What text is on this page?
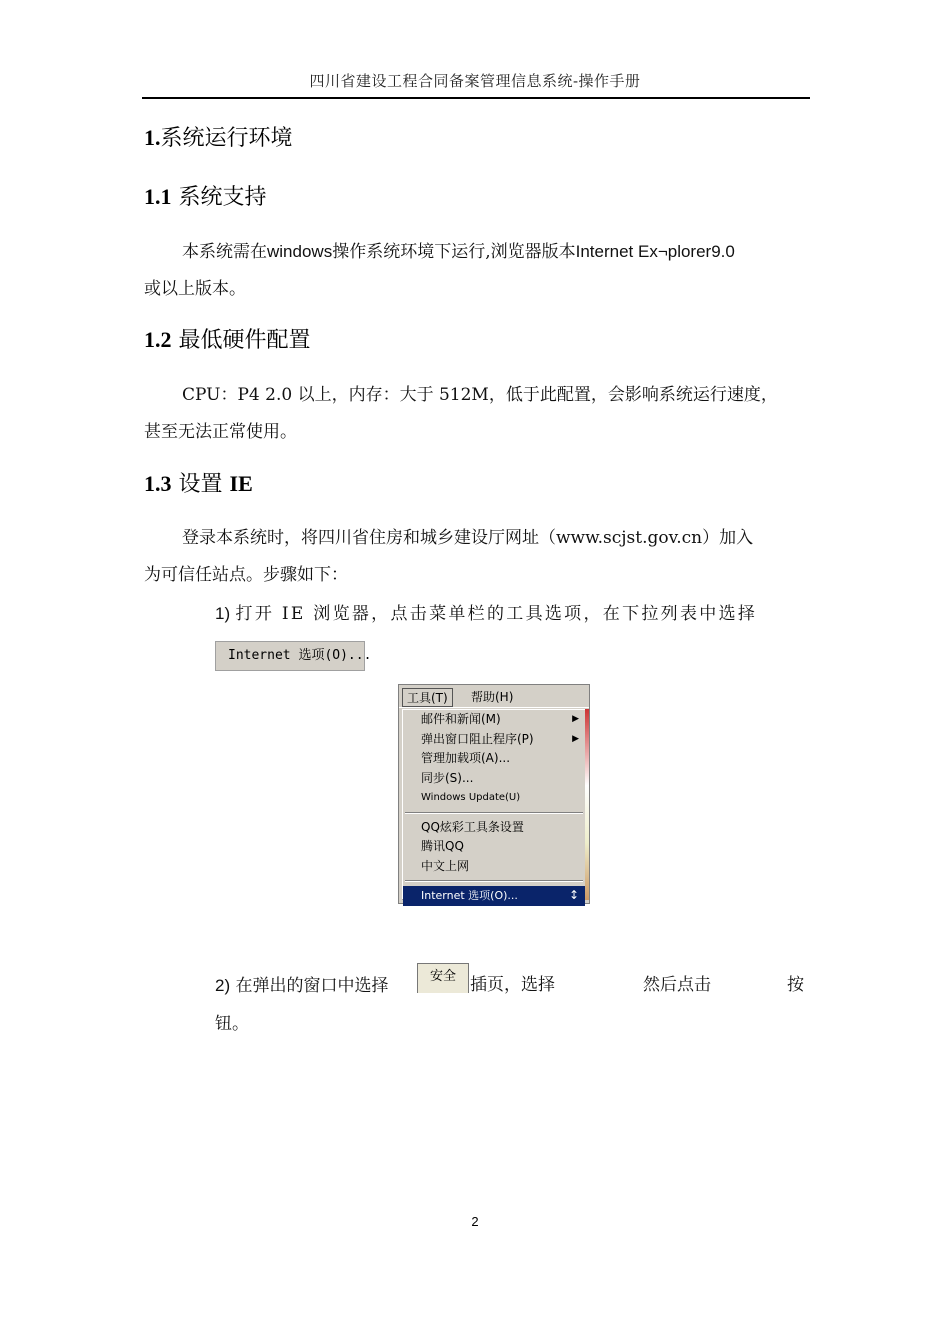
四川省建设工程合同备案管理信息系统-操作手册
1.系统运行环境
1.1 系统支持
本系统需在windows操作系统环境下运行,浏览器版本Internet Ex¬plorer9.0
或以上版本。
1.2 最低硬件配置
CPU：P4 2.0 以上，内存：大于 512M，低于此配置，会影响系统运行速度，
甚至无法正常使用。
1.3 设置 IE
登录本系统时，将四川省住房和城乡建设厅网址（www.scjst.gov.cn）加入
为可信任站点。步骤如下：
1) 打开 IE 浏览器，点击菜单栏的工具选项，在下拉列表中选择
Internet 选项(O)...
工具(T)	帮助(H)
邮件和新闻(M)	▶
弹出窗口阻止程序(P)	▶
管理加载项(A)...
同步(S)...
Windows Update(U)
QQ炫彩工具条设置
腾讯QQ
中文上网
Internet 选项(O)...	↕
2) 在弹出的窗口中选择	安全 插页，选择	然后点击	按
钮。
2
